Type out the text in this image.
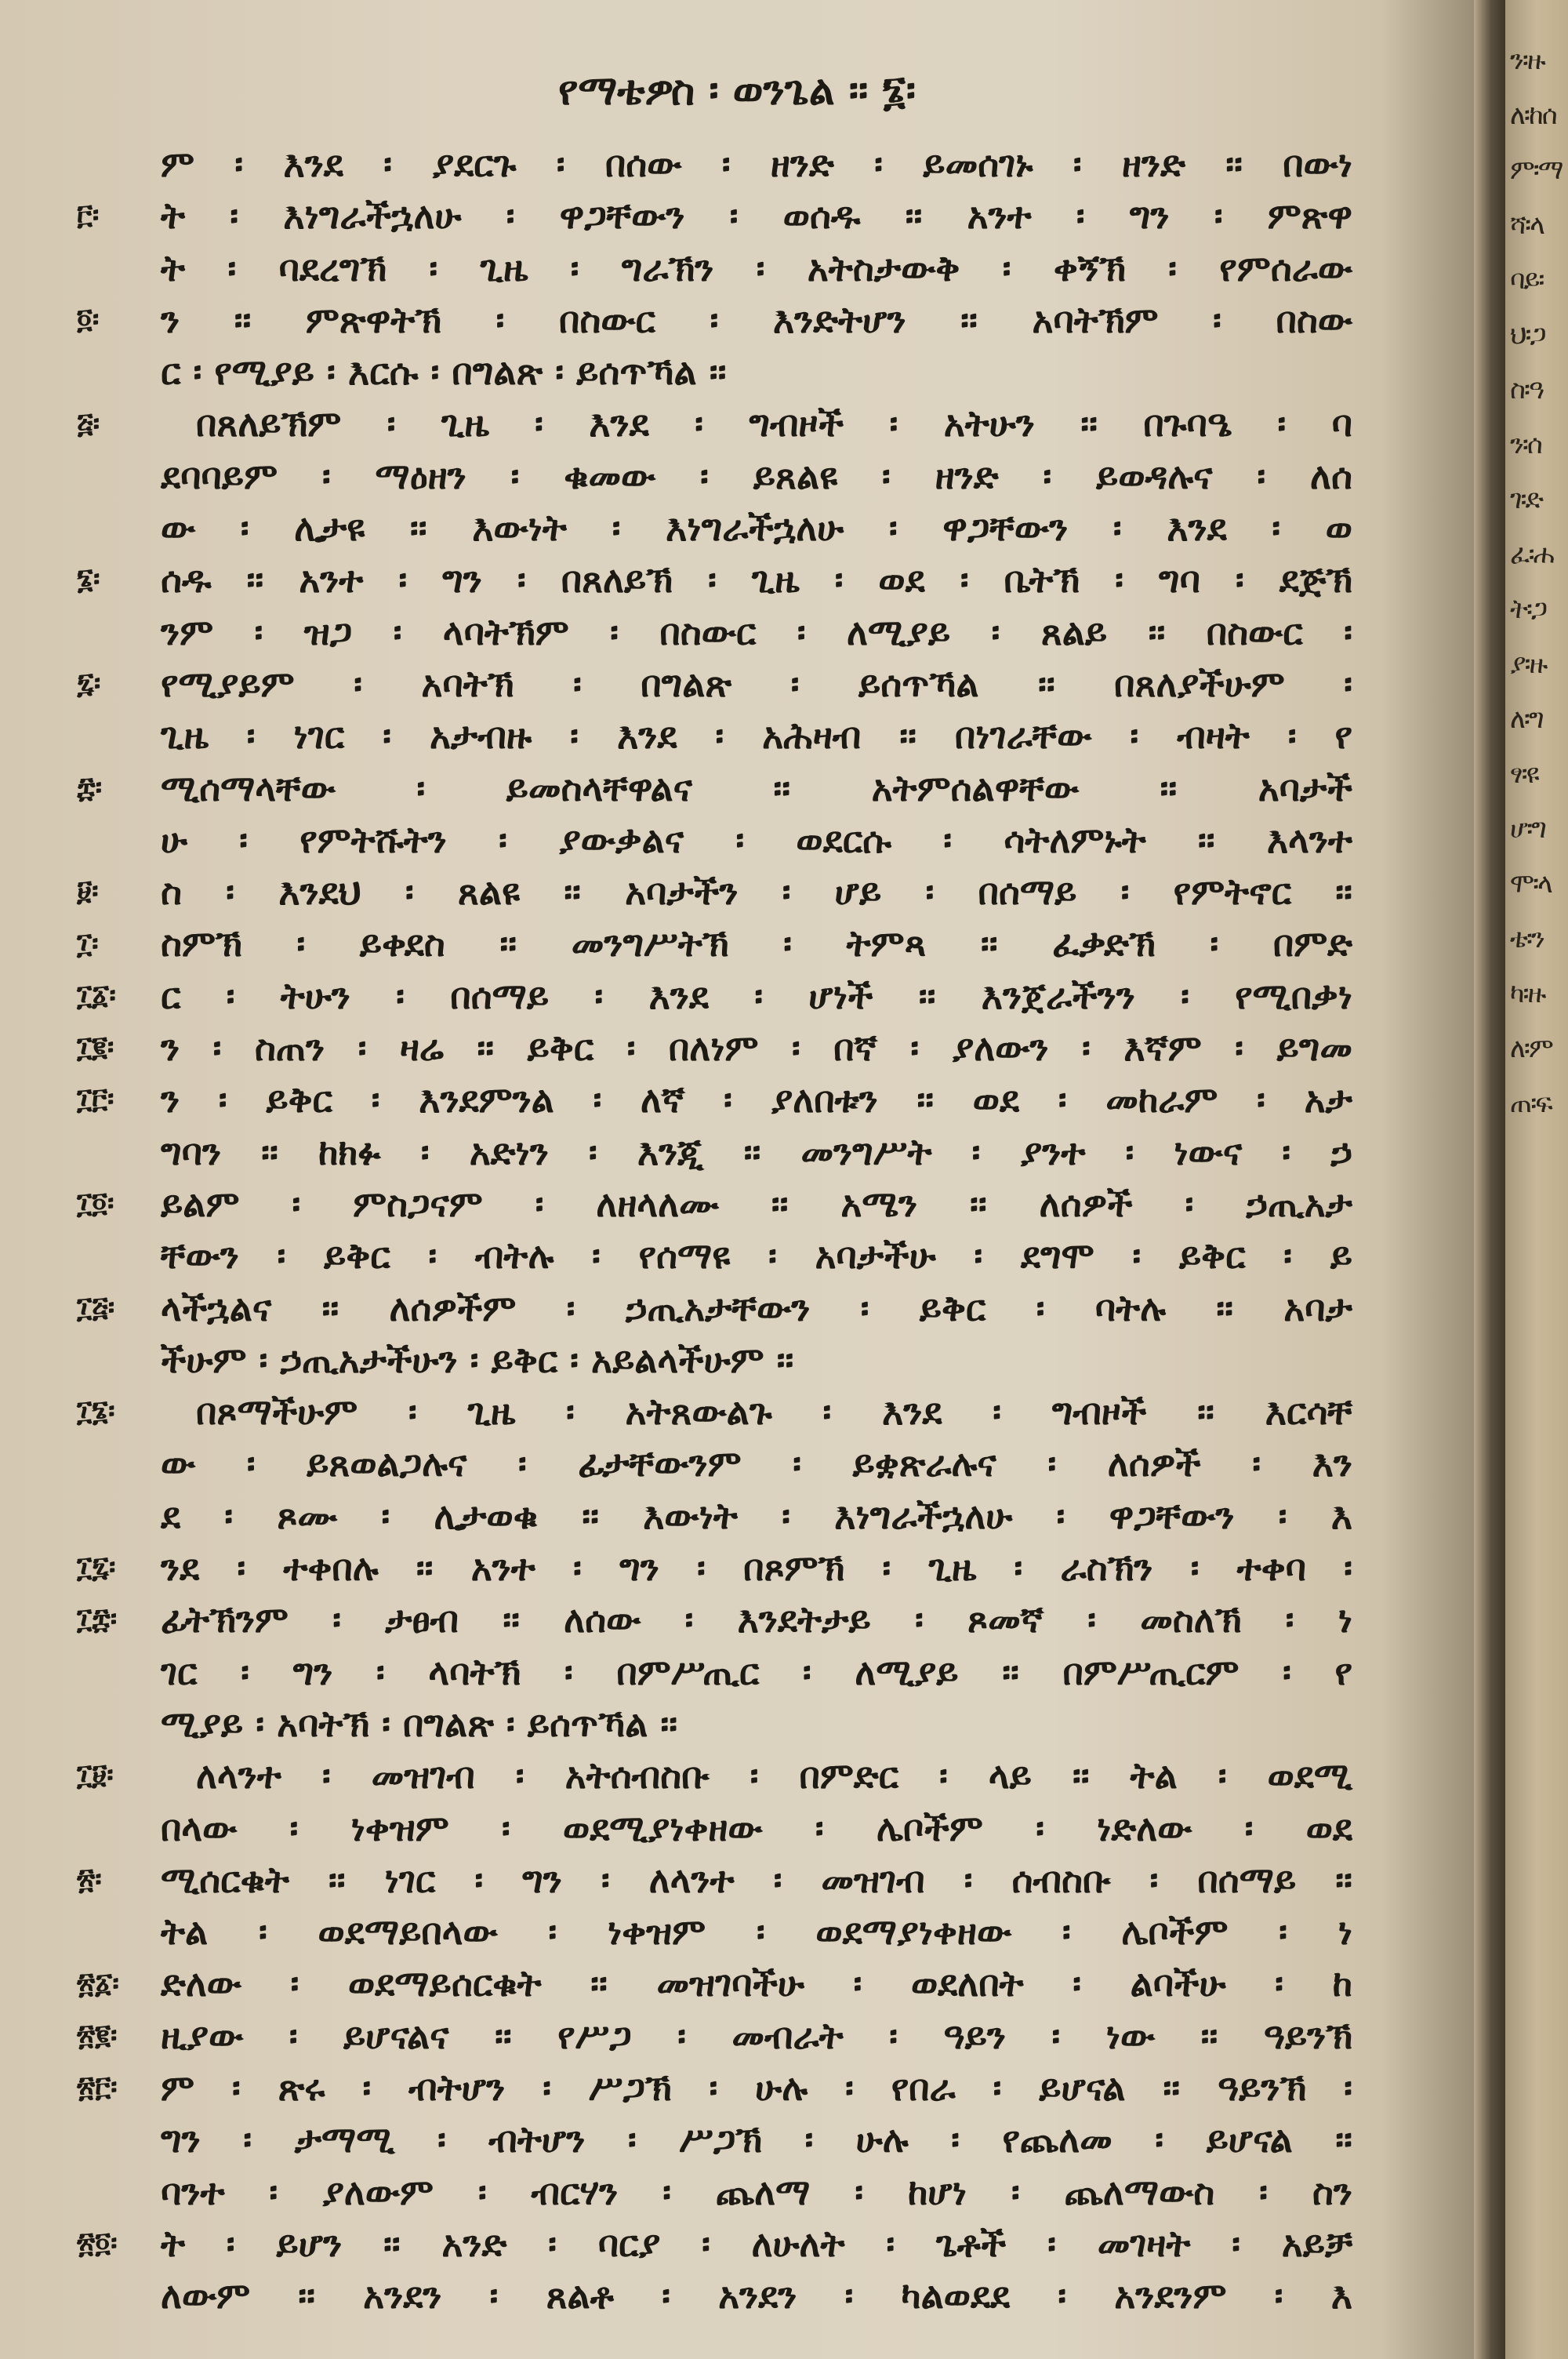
ን፡ዙ
ለ፡ከሰ
ም፡ማ
ሻ፡ላ
ባይ፡
ህ፡ጋ
ስ፡ዓ
ን፡ሰ
ገ፡ድ
ፈ፡ሐ
ት፡ጋ
ያ፡ዙ
ለ፡ግ
ፃ፡ዩ
ሆ፡ግ
ሞ፡ላ
ቴ፡ን
ካ፡ዙ
ለ፡ም
ጠ፡ፍ
የማቴዎስ ፡ ወንጌል ፡፡ ፮፡
ም ፡ እንደ ፡ ያደርጉ ፡ በሰው ፡ ዘንድ ፡ ይመሰገኑ ፡ ዘንድ ፡፡ በውነ
ት ፡ እነግራችኋለሁ ፡ ዋጋቸውን ፡ ወሰዱ ፡፡ አንተ ፡ ግን ፡ ምጽዋ
ት ፡ ባደረግኽ ፡ ጊዜ ፡ ግራኽን ፡ አትስታውቅ ፡ ቀኝኽ ፡ የምሰራው
ን ፡፡ ምጽዋትኽ ፡ በስውር ፡ እንድትሆን ፡፡ አባትኽም ፡ በስው
ር ፡ የሚያይ ፡ እርሱ ፡ በግልጽ ፡ ይሰጥኻል ፡፡
በጸለይኽም ፡ ጊዜ ፡ እንደ ፡ ግብዞች ፡ አትሁን ፡፡ በጉባዔ ፡ ባ
ደባባይም ፡ ማዕዘን ፡ ቁመው ፡ ይጸልዩ ፡ ዘንድ ፡ ይወዳሉና ፡ ለሰ
ው ፡ ሊታዩ ፡፡ እውነት ፡ እነግራችኋለሁ ፡ ዋጋቸውን ፡ እንደ ፡ ወ
ሰዱ ፡፡ አንተ ፡ ግን ፡ በጸለይኽ ፡ ጊዜ ፡ ወደ ፡ ቤትኽ ፡ ግባ ፡ ደጅኽ
ንም ፡ ዝጋ ፡ ላባትኽም ፡ በስውር ፡ ለሚያይ ፡ ጸልይ ፡፡ በስውር ፡
የሚያይም ፡ አባትኽ ፡ በግልጽ ፡ ይሰጥኻል ፡፡ በጸለያችሁም ፡
ጊዜ ፡ ነገር ፡ አታብዙ ፡ እንደ ፡ አሕዛብ ፡፡ በነገራቸው ፡ ብዛት ፡ የ
ሚሰማላቸው ፡ ይመስላቸዋልና ፡፡ አትምሰልዋቸው ፡፡ አባታች
ሁ ፡ የምትሹትን ፡ ያውቃልና ፡ ወደርሱ ፡ ሳትለምኑት ፡፡ እላንተ
ስ ፡ እንደህ ፡ ጸልዩ ፡፡ አባታችን ፡ ሆይ ፡ በሰማይ ፡ የምትኖር ፡፡
ስምኽ ፡ ይቀደስ ፡፡ መንግሥትኽ ፡ ትምጻ ፡፡ ፈቃድኽ ፡ በምድ
ር ፡ ትሁን ፡ በሰማይ ፡ እንደ ፡ ሆነች ፡፡ እንጀራችንን ፡ የሚበቃነ
ን ፡ ስጠን ፡ ዛሬ ፡፡ ይቅር ፡ በለነም ፡ በኛ ፡ ያለውን ፡ እኛም ፡ ይግመ
ን ፡ ይቅር ፡ እንደምንል ፡ ለኛ ፡ ያለበቱን ፡፡ ወደ ፡ መከራም ፡ አታ
ግባን ፡፡ ከክፉ ፡ አድነን ፡ እንጂ ፡፡ መንግሥት ፡ ያንተ ፡ ነውና ፡ ኃ
ይልም ፡ ምስጋናም ፡ ለዘላለሙ ፡፡ አሜን ፡፡ ለሰዎች ፡ ኃጢአታ
ቸውን ፡ ይቅር ፡ ብትሉ ፡ የሰማዩ ፡ አባታችሁ ፡ ደግሞ ፡ ይቅር ፡ ይ
ላችኋልና ፡፡ ለሰዎችም ፡ ኃጢአታቸውን ፡ ይቅር ፡ ባትሉ ፡፡ አባታ
ችሁም ፡ ኃጢአታችሁን ፡ ይቅር ፡ አይልላችሁም ፡፡
በጾማችሁም ፡ ጊዜ ፡ አትጸውልጉ ፡ እንደ ፡ ግብዞች ፡፡ እርሳቸ
ው ፡ ይጸወልጋሉና ፡ ፊታቸውንም ፡ ይቋጽራሉና ፡ ለሰዎች ፡ እን
ደ ፡ ጾሙ ፡ ሊታወቁ ፡፡ እውነት ፡ እነግራችኋለሁ ፡ ዋጋቸውን ፡ እ
ንደ ፡ ተቀበሉ ፡፡ አንተ ፡ ግን ፡ በጾምኽ ፡ ጊዜ ፡ ራስኽን ፡ ተቀባ ፡
ፊትኽንም ፡ ታፀብ ፡፡ ለሰው ፡ እንደትታይ ፡ ጾመኛ ፡ መስለኽ ፡ ነ
ገር ፡ ግን ፡ ላባትኽ ፡ በምሥጢር ፡ ለሚያይ ፡፡ በምሥጢርም ፡ የ
ሚያይ ፡ አባትኽ ፡ በግልጽ ፡ ይሰጥኻል ፡፡
ለላንተ ፡ መዝገብ ፡ አትሰብስቡ ፡ በምድር ፡ ላይ ፡፡ ትል ፡ ወደሚ
በላው ፡ ነቀዝም ፡ ወደሚያነቀዘው ፡ ሌቦችም ፡ ነድለው ፡ ወደ
ሚሰርቁት ፡፡ ነገር ፡ ግን ፡ ለላንተ ፡ መዝገብ ፡ ሰብስቡ ፡ በሰማይ ፡፡
ትል ፡ ወደማይበላው ፡ ነቀዝም ፡ ወደማያነቀዘው ፡ ሌቦችም ፡ ነ
ድለው ፡ ወደማይሰርቁት ፡፡ መዝገባችሁ ፡ ወደለበት ፡ ልባችሁ ፡ ከ
ዚያው ፡ ይሆናልና ፡፡ የሥጋ ፡ መብራት ፡ ዓይን ፡ ነው ፡፡ ዓይንኽ
ም ፡ ጽሩ ፡ ብትሆን ፡ ሥጋኽ ፡ ሁሉ ፡ የበራ ፡ ይሆናል ፡፡ ዓይንኽ ፡
ግን ፡ ታማሚ ፡ ብትሆን ፡ ሥጋኽ ፡ ሁሉ ፡ የጨለመ ፡ ይሆናል ፡፡
ባንተ ፡ ያለውም ፡ ብርሃን ፡ ጨለማ ፡ ከሆነ ፡ ጨለማውስ ፡ ስን
ት ፡ ይሆን ፡፡ አንድ ፡ ባርያ ፡ ለሁለት ፡ ጌቶች ፡ መገዛት ፡ አይቻ
ለውም ፡፡ አንደን ፡ ጸልቶ ፡ አንደን ፡ ካልወደደ ፡ አንደንም ፡ እ
፫፡
፬፡
፭፡
፮፡
፯፡
፰፡
፱፡
፲፡
፲፩፡
፲፪፡
፲፫፡
፲፬፡
፲፭፡
፲፮፡
፲፯፡
፲፰፡
፲፱፡
፳፡
፳፩፡
፳፪፡
፳፫፡
፳፬፡
